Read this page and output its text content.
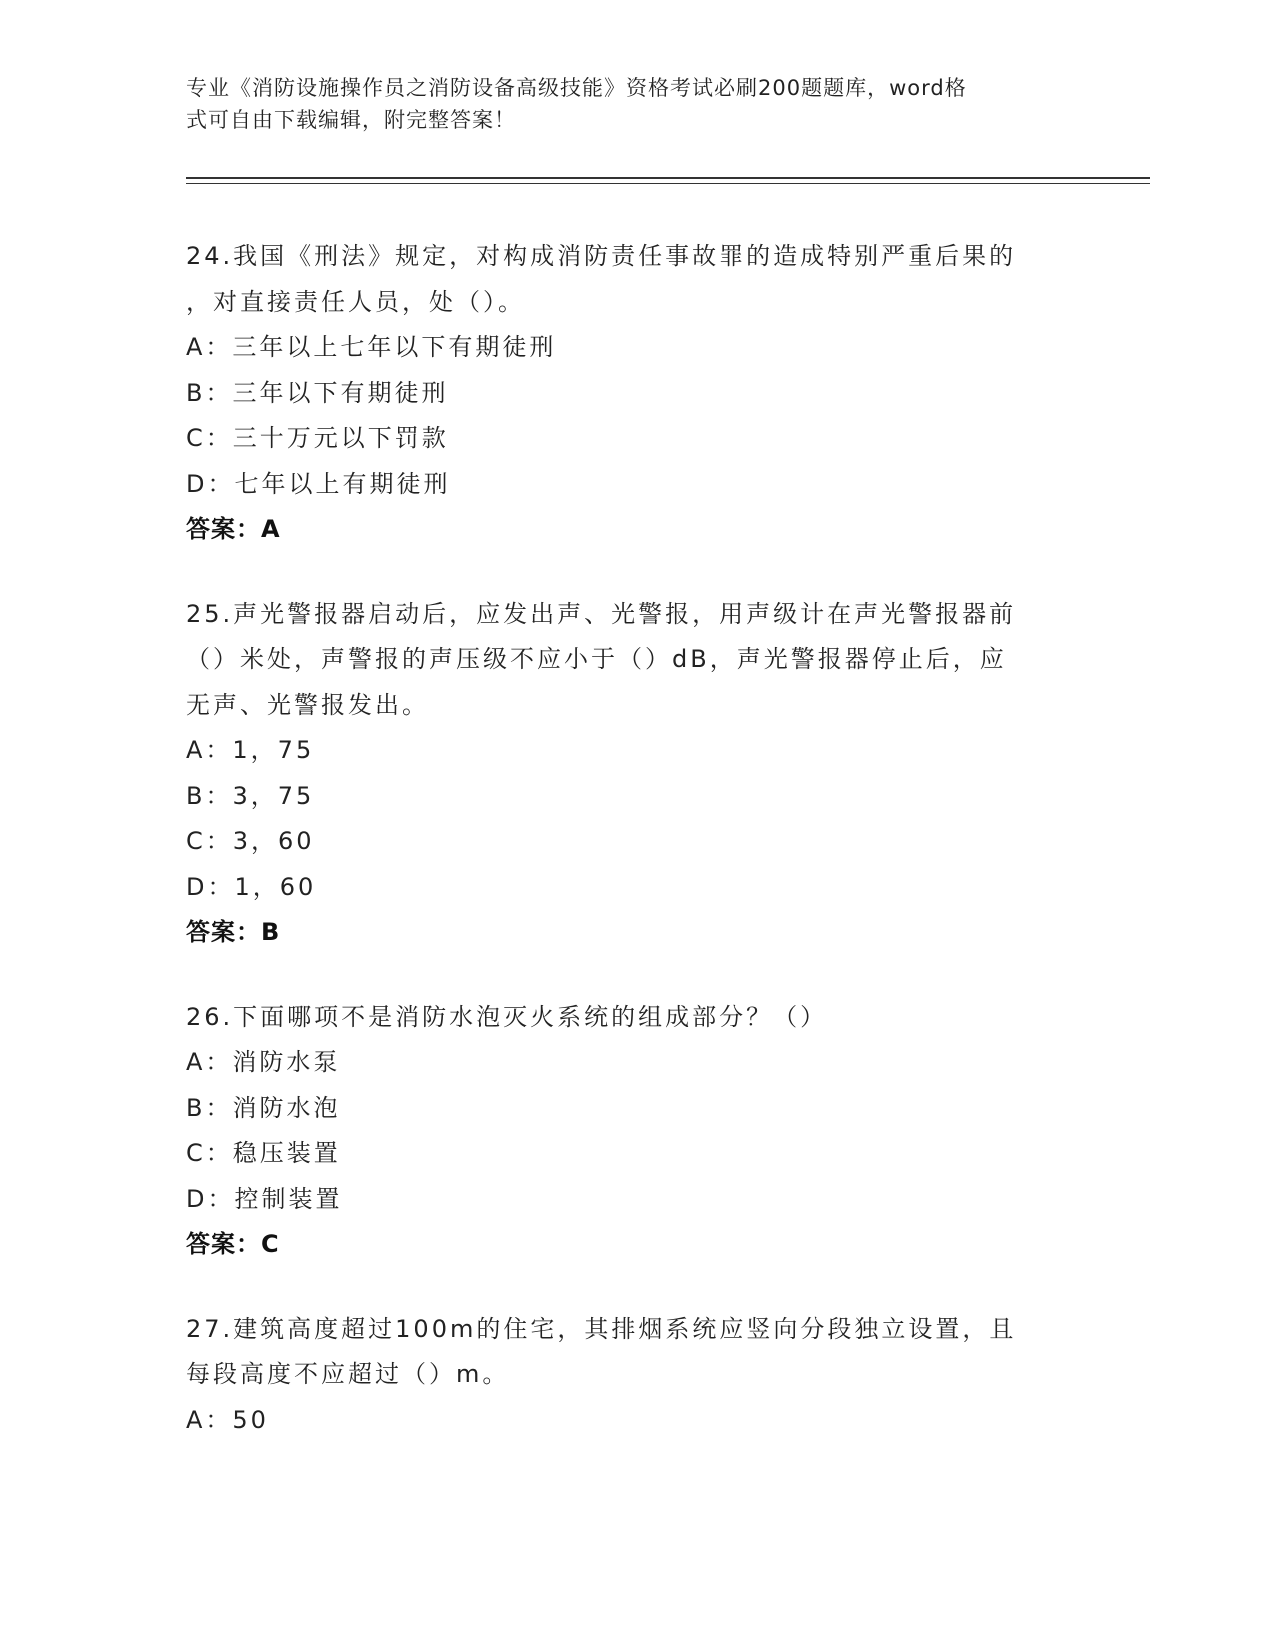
专业《消防设施操作员之消防设备高级技能》资格考试必刷200题题库，word格
式可自由下载编辑，附完整答案！
24.我国《刑法》规定，对构成消防责任事故罪的造成特别严重后果的
，对直接责任人员，处（）。
A：三年以上七年以下有期徒刑
B：三年以下有期徒刑
C：三十万元以下罚款
D：七年以上有期徒刑
答案：A
25.声光警报器启动后，应发出声、光警报，用声级计在声光警报器前
（）米处，声警报的声压级不应小于（）dB，声光警报器停止后，应
无声、光警报发出。
A：1，75
B：3，75
C：3，60
D：1，60
答案：B
26.下面哪项不是消防水泡灭火系统的组成部分？（）
A：消防水泵
B：消防水泡
C：稳压装置
D：控制装置
答案：C
27.建筑高度超过100m的住宅，其排烟系统应竖向分段独立设置，且
每段高度不应超过（）m。
A：50
